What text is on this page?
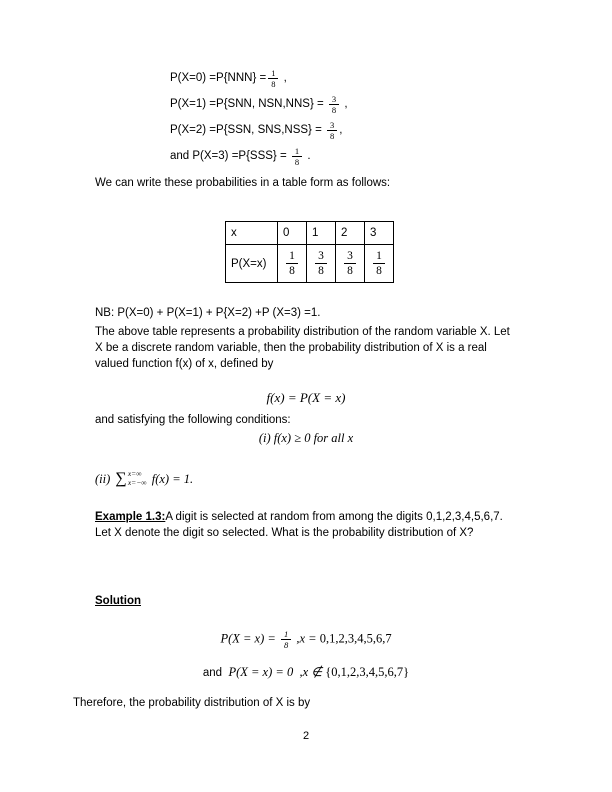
$P(X=0) =P\{NNN\} = \frac{1}{8}$ ,
P(X=1) =P{SNN, $NSN,NNS\} = \frac{3}{8}$ ,
P(X=2) =P{SSN, $SNS,NSS\} = \frac{3}{8}$ ,
and $P(X=3) =P\{SSS\} = \frac{1}{8}$ .

We can write these probabilities in a table form as follows:

x	0	1	2	3
P(X=x)	$\frac{1}{8}$	$\frac{3}{8}$	$\frac{3}{8}$	$\frac{1}{8}$

NB: P(X=0) + P(X=1) + P{X=2) +P (X=3) =1.

The above table represents a probability distribution of the random variable X. Let X be a discrete random variable, then the probability distribution of X is a real valued function f(x) of x, defined by

f(x) = P(X = x)

and satisfying the following conditions:

(i) f(x) ≥ 0 for all x
(ii) ∑ x=∞
x=−∞ f(x) = 1.

Example 1.3:A digit is selected at random from among the digits 0,1,2,3,4,5,6,7. Let X denote the digit so selected. What is the probability distribution of X?

Solution

$P(X = x) = \frac{1}{8} ,x = 0,1,2,3,4,5,6,7$
and  P(X = x) = 0  ,x ∉ {0,1,2,3,4,5,6,7}

Therefore, the probability distribution of X is by

2
